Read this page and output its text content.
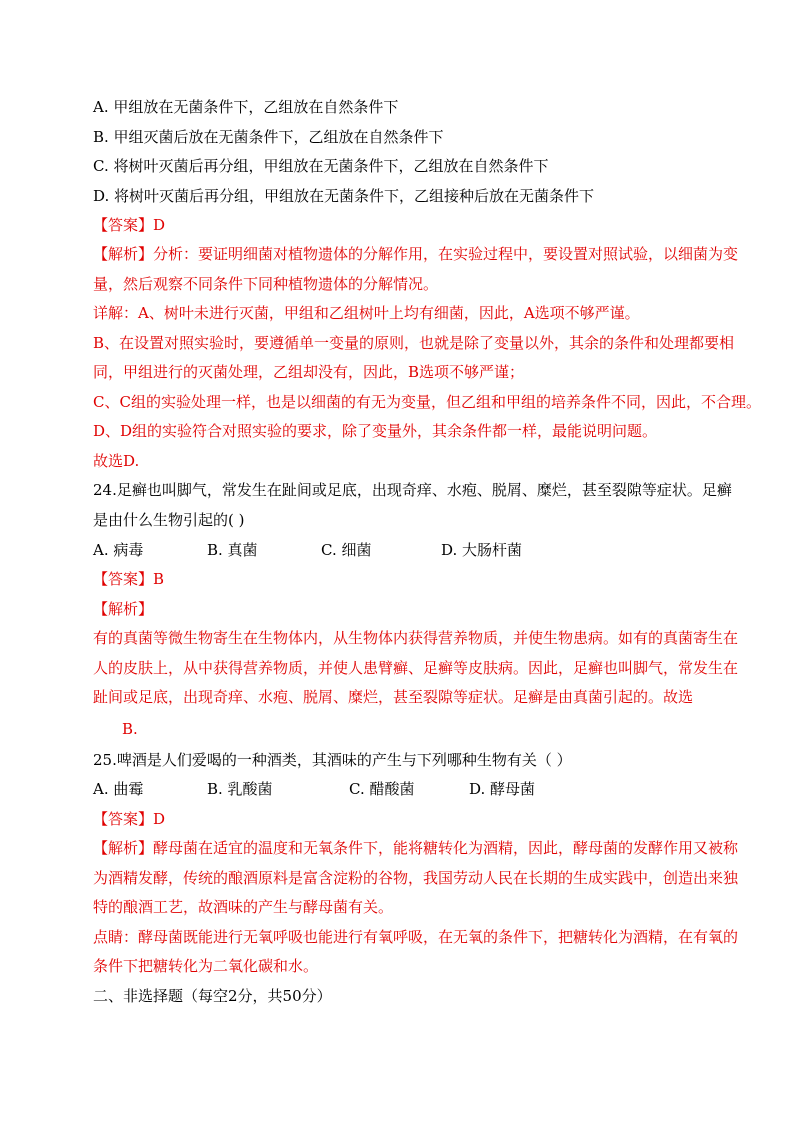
A. 甲组放在无菌条件下，乙组放在自然条件下
B. 甲组灭菌后放在无菌条件下，乙组放在自然条件下
C. 将树叶灭菌后再分组，甲组放在无菌条件下，乙组放在自然条件下
D. 将树叶灭菌后再分组，甲组放在无菌条件下，乙组接种后放在无菌条件下
【答案】D
【解析】分析：要证明细菌对植物遗体的分解作用，在实验过程中，要设置对照试验，以细菌为变
量，然后观察不同条件下同种植物遗体的分解情况。
详解：A、树叶未进行灭菌，甲组和乙组树叶上均有细菌，因此，A选项不够严谨。
B、在设置对照实验时，要遵循单一变量的原则，也就是除了变量以外，其余的条件和处理都要相
同，甲组进行的灭菌处理，乙组却没有，因此，B选项不够严谨；
C、C组的实验处理一样，也是以细菌的有无为变量，但乙组和甲组的培养条件不同，因此，不合理。
D、D组的实验符合对照实验的要求，除了变量外，其余条件都一样，最能说明问题。
故选D.
24.足癣也叫脚气，常发生在趾间或足底，出现奇痒、水疱、脱屑、糜烂，甚至裂隙等症状。足癣
是由什么生物引起的( )
A. 病毒	B. 真菌	C. 细菌	D. 大肠杆菌
【答案】B
【解析】
有的真菌等微生物寄生在生物体内，从生物体内获得营养物质，并使生物患病。如有的真菌寄生在
人的皮肤上，从中获得营养物质，并使人患臂癣、足癣等皮肤病。因此，足癣也叫脚气，常发生在
趾间或足底，出现奇痒、水疱、脱屑、糜烂，甚至裂隙等症状。足癣是由真菌引起的。故选
B.
25.啤酒是人们爱喝的一种酒类，其酒味的产生与下列哪种生物有关（ ）
A. 曲霉	B. 乳酸菌	C. 醋酸菌	D. 酵母菌
【答案】D
【解析】酵母菌在适宜的温度和无氧条件下，能将糖转化为酒精，因此，酵母菌的发酵作用又被称
为酒精发酵，传统的酿酒原料是富含淀粉的谷物，我国劳动人民在长期的生成实践中，创造出来独
特的酿酒工艺，故酒味的产生与酵母菌有关。
点睛：酵母菌既能进行无氧呼吸也能进行有氧呼吸，在无氧的条件下，把糖转化为酒精，在有氧的
条件下把糖转化为二氧化碳和水。
二、非选择题（每空2分，共50分）
